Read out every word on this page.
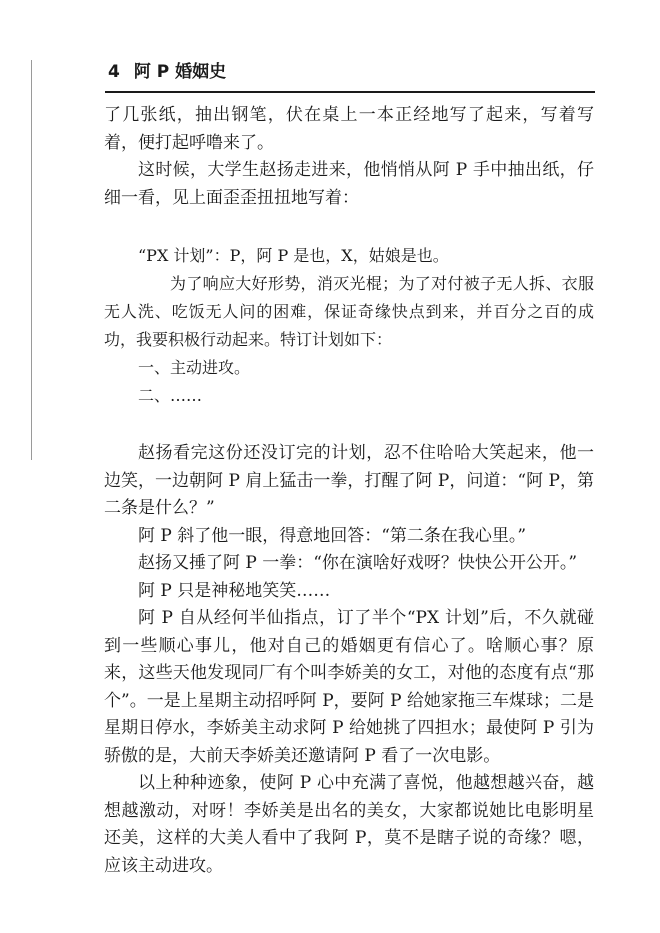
4 阿 P 婚姻史

了几张纸，抽出钢笔，伏在桌上一本正经地写了起来，写着写着，便打起呼噜来了。

这时候，大学生赵扬走进来，他悄悄从阿 P 手中抽出纸，仔细一看，见上面歪歪扭扭地写着：

“PX 计划”：P，阿 P 是也，X，姑娘是也。

为了响应大好形势，消灭光棍；为了对付被子无人拆、衣服无人洗、吃饭无人问的困难，保证奇缘快点到来，并百分之百的成功，我要积极行动起来。特订计划如下：

一、主动进攻。

二、……

赵扬看完这份还没订完的计划，忍不住哈哈大笑起来，他一边笑，一边朝阿 P 肩上猛击一拳，打醒了阿 P，问道：“阿 P，第二条是什么？”

阿 P 斜了他一眼，得意地回答：“第二条在我心里。”

赵扬又捶了阿 P 一拳：“你在演啥好戏呀？快快公开公开。”

阿 P 只是神秘地笑笑……

阿 P 自从经何半仙指点，订了半个“PX 计划”后，不久就碰到一些顺心事儿，他对自己的婚姻更有信心了。啥顺心事？原来，这些天他发现同厂有个叫李娇美的女工，对他的态度有点“那个”。一是上星期主动招呼阿 P，要阿 P 给她家拖三车煤球；二是星期日停水，李娇美主动求阿 P 给她挑了四担水；最使阿 P 引为骄傲的是，大前天李娇美还邀请阿 P 看了一次电影。

以上种种迹象，使阿 P 心中充满了喜悦，他越想越兴奋，越想越激动，对呀！李娇美是出名的美女，大家都说她比电影明星还美，这样的大美人看中了我阿 P，莫不是瞎子说的奇缘？嗯，应该主动进攻。
